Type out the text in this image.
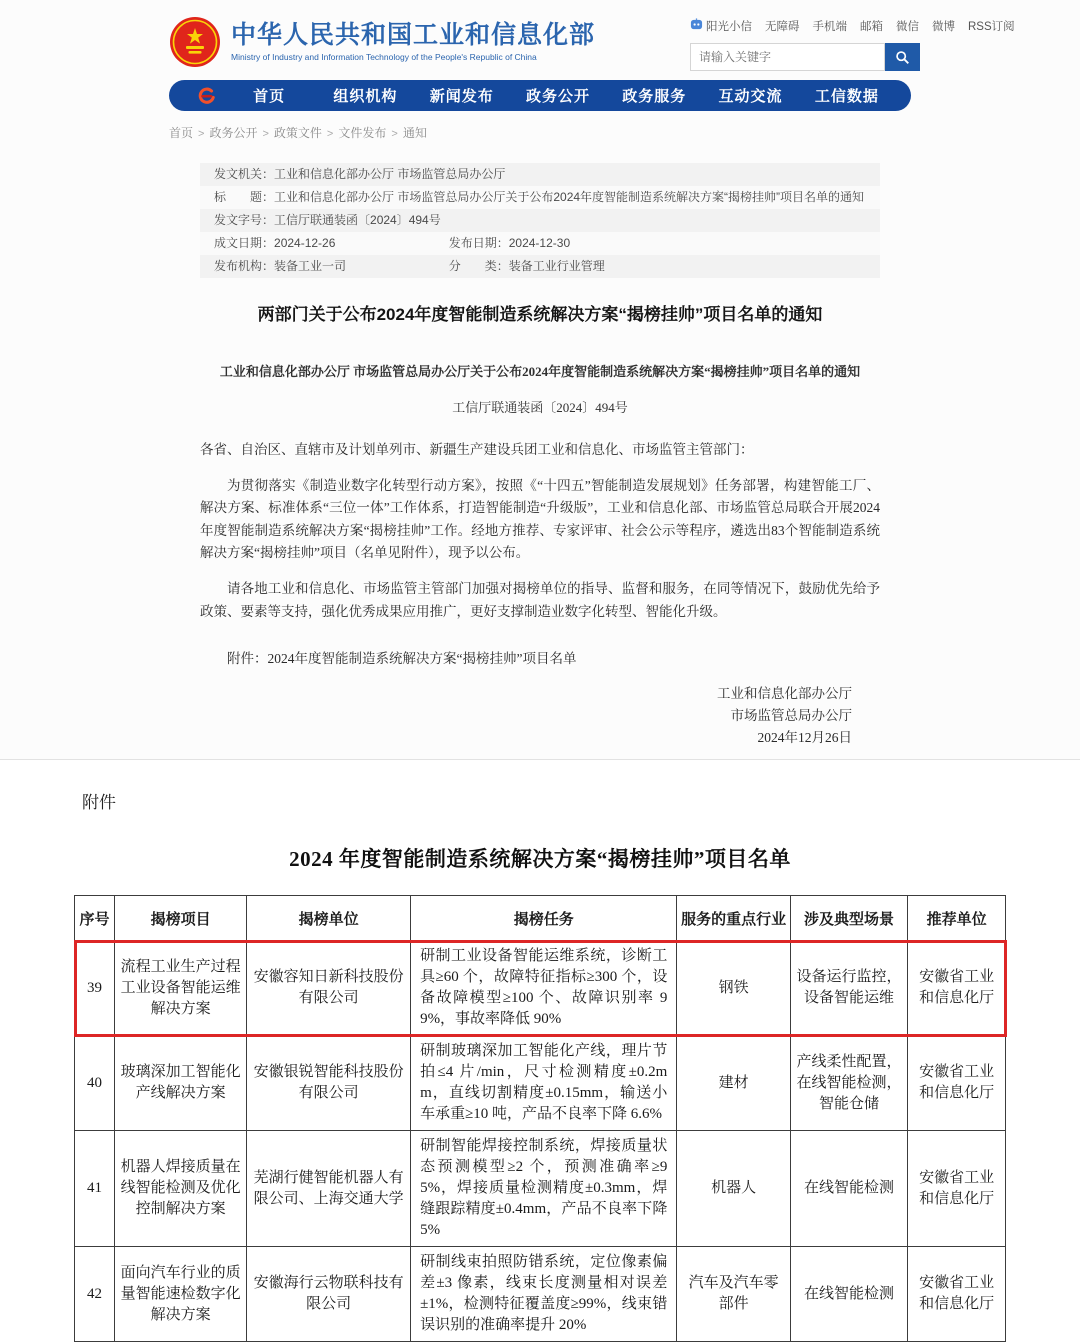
中华人民共和国工业和信息化部
Ministry of Industry and Information Technology of the People's Republic of China
阳光小信 无障碍 手机端 邮箱 微信 微博 RSS订阅
请输入关键字
首页	组织机构	新闻发布	政务公开	政务服务	互动交流	工信数据
首页 > 政务公开 > 政策文件 > 文件发布 > 通知
发文机关： 工业和信息化部办公厅 市场监管总局办公厅
标　　题： 工业和信息化部办公厅 市场监管总局办公厅关于公布2024年度智能制造系统解决方案“揭榜挂帅”项目名单的通知
发文字号： 工信厅联通装函〔2024〕494号
成文日期： 2024-12-26	发布日期： 2024-12-30
发布机构： 装备工业一司	分　　类： 装备工业行业管理
两部门关于公布2024年度智能制造系统解决方案“揭榜挂帅”项目名单的通知

工业和信息化部办公厅 市场监管总局办公厅关于公布2024年度智能制造系统解决方案“揭榜挂帅”项目名单的通知

工信厅联通装函〔2024〕494号

各省、自治区、直辖市及计划单列市、新疆生产建设兵团工业和信息化、市场监管主管部门：

为贯彻落实《制造业数字化转型行动方案》，按照《“十四五”智能制造发展规划》任务部署，构建智能工厂、解决方案、标准体系“三位一体”工作体系，打造智能制造“升级版”，工业和信息化部、市场监管总局联合开展2024年度智能制造系统解决方案“揭榜挂帅”工作。经地方推荐、专家评审、社会公示等程序，遴选出83个智能制造系统解决方案“揭榜挂帅”项目（名单见附件），现予以公布。

请各地工业和信息化、市场监管主管部门加强对揭榜单位的指导、监督和服务，在同等情况下，鼓励优先给予政策、要素等支持，强化优秀成果应用推广，更好支撑制造业数字化转型、智能化升级。

附件：2024年度智能制造系统解决方案“揭榜挂帅”项目名单

工业和信息化部办公厅
市场监管总局办公厅
2024年12月26日
附件
2024 年度智能制造系统解决方案“揭榜挂帅”项目名单
序号	揭榜项目	揭榜单位	揭榜任务	服务的重点行业	涉及典型场景	推荐单位
39	流程工业生产过程工业设备智能运维解决方案	安徽容知日新科技股份有限公司	研制工业设备智能运维系统，诊断工具≥60 个，故障特征指标≥300 个，设备故障模型≥100 个、故障识别率 99%，事故率降低 90%	钢铁	设备运行监控，设备智能运维	安徽省工业和信息化厅
40	玻璃深加工智能化产线解决方案	安徽银锐智能科技股份有限公司	研制玻璃深加工智能化产线，理片节拍≤4 片/min，尺寸检测精度±0.2mm，直线切割精度±0.15mm，输送小车承重≥10 吨，产品不良率下降 6.6%	建材	产线柔性配置，在线智能检测，智能仓储	安徽省工业和信息化厅
41	机器人焊接质量在线智能检测及优化控制解决方案	芜湖行健智能机器人有限公司、上海交通大学	研制智能焊接控制系统，焊接质量状态预测模型≥2 个，预测准确率≥95%，焊接质量检测精度±0.3mm，焊缝跟踪精度±0.4mm，产品不良率下降 5%	机器人	在线智能检测	安徽省工业和信息化厅
42	面向汽车行业的质量智能速检数字化解决方案	安徽海行云物联科技有限公司	研制线束拍照防错系统，定位像素偏差±3 像素，线束长度测量相对误差±1%，检测特征覆盖度≥99%，线束错误识别的准确率提升 20%	汽车及汽车零部件	在线智能检测	安徽省工业和信息化厅
